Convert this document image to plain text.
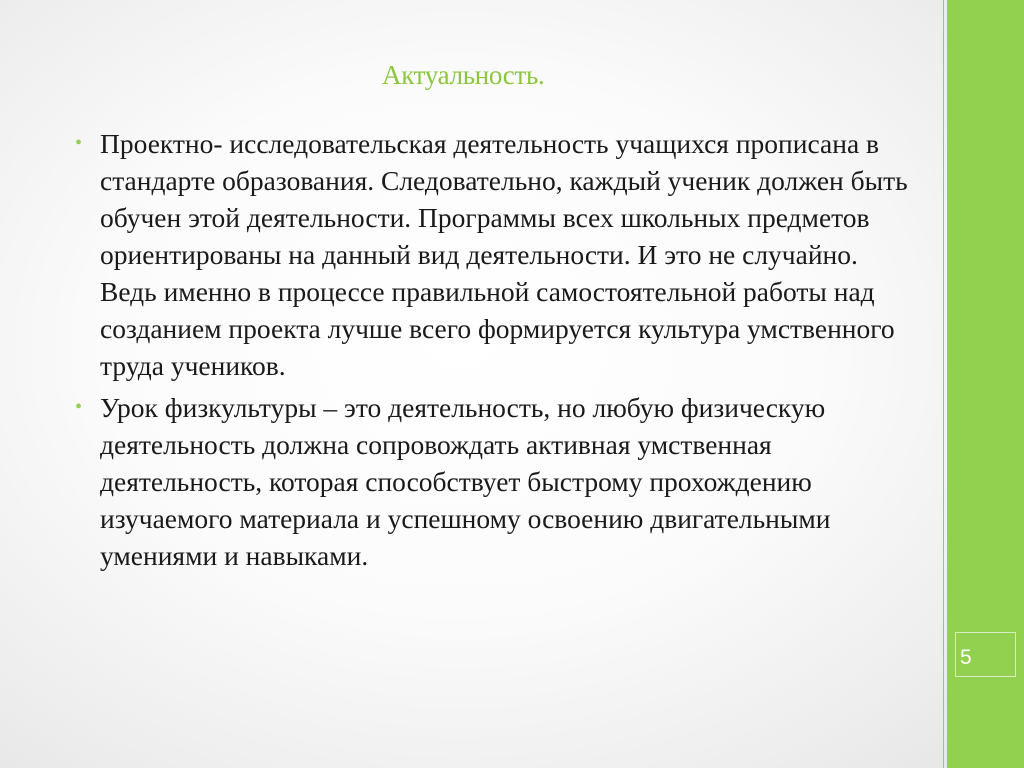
5
Актуальность.
• Проектно- исследовательская деятельность учащихся прописана в стандарте образования. Следовательно, каждый ученик должен быть обучен этой деятельности. Программы всех школьных предметов ориентированы на данный вид деятельности. И это не случайно. Ведь именно в процессе правильной самостоятельной работы над созданием проекта лучше всего формируется культура умственного труда учеников.
• Урок физкультуры – это деятельность, но любую физическую деятельность должна сопровождать активная умственная деятельность, которая способствует быстрому прохождению изучаемого материала и успешному освоению двигательными умениями и навыками.
